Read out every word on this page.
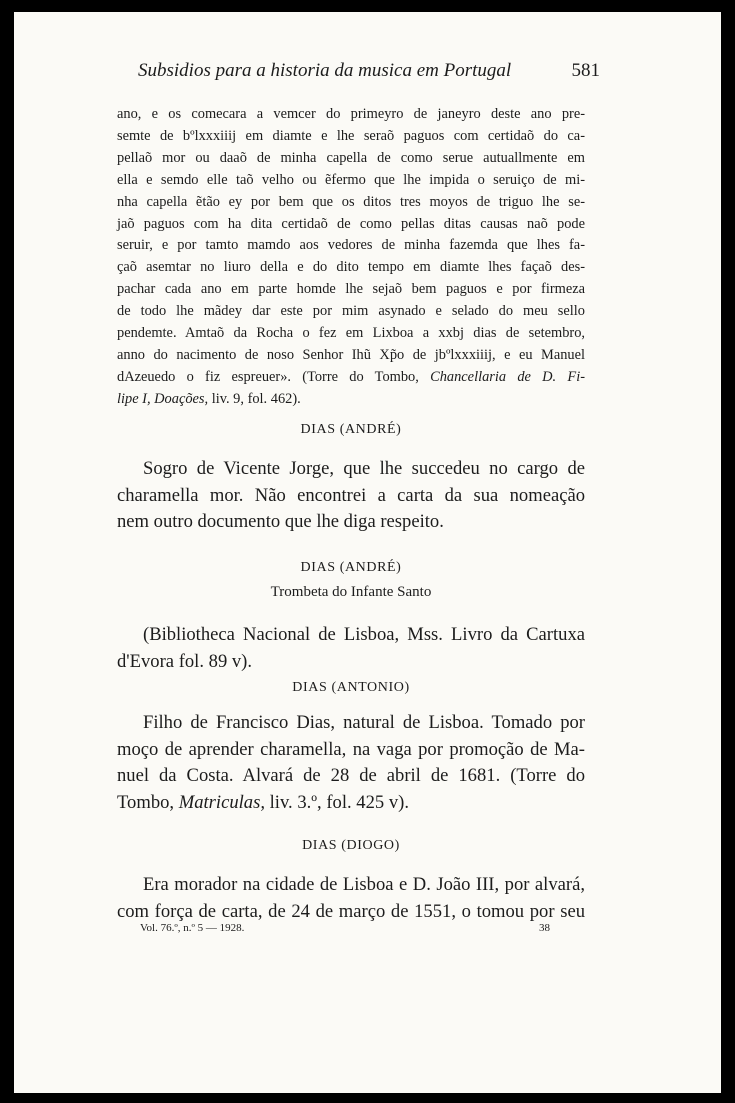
Subsidios para a historia da musica em Portugal	581
ano, e os comecara a vemcer do primeyro de janeyro deste ano pre-
semte de bºlxxxiiij em diamte e lhe seraõ paguos com certidaõ do ca-
pellaõ mor ou daaõ de minha capella de como serue autuallmente em
ella e semdo elle taõ velho ou ẽfermo que lhe impida o seruiço de mi-
nha capella ẽtão ey por bem que os ditos tres moyos de triguo lhe se-
jaõ paguos com ha dita certidaõ de como pellas ditas causas naõ pode
seruir, e por tamto mamdo aos vedores de minha fazemda que lhes fa-
çaõ asemtar no liuro della e do dito tempo em diamte lhes façaõ des-
pachar cada ano em parte homde lhe sejaõ bem paguos e por firmeza
de todo lhe mãdey dar este por mim asynado e selado do meu sello
pendemte. Amtaõ da Rocha o fez em Lixboa a xxbj dias de setembro,
anno do nacimento de noso Senhor Ihũ Xp̃o de jbºlxxxiiij, e eu Manuel
dAzeuedo o fiz espreuer». (Torre do Tombo, Chancellaria de D. Fi-
lipe I, Doações, liv. 9, fol. 462).
DIAS (ANDRÉ)
Sogro de Vicente Jorge, que lhe succedeu no cargo de
charamella mor. Não encontrei a carta da sua nomeação
nem outro documento que lhe diga respeito.
DIAS (ANDRÉ)
Trombeta do Infante Santo
(Bibliotheca Nacional de Lisboa, Mss. Livro da Cartuxa
d'Evora fol. 89 v).
DIAS (ANTONIO)
Filho de Francisco Dias, natural de Lisboa. Tomado por
moço de aprender charamella, na vaga por promoção de Ma-
nuel da Costa. Alvará de 28 de abril de 1681. (Torre do
Tombo, Matriculas, liv. 3.º, fol. 425 v).
DIAS (DIOGO)
Era morador na cidade de Lisboa e D. João III, por alvará,
com força de carta, de 24 de março de 1551, o tomou por seu
Vol. 76.º, n.º 5 — 1928.	38
